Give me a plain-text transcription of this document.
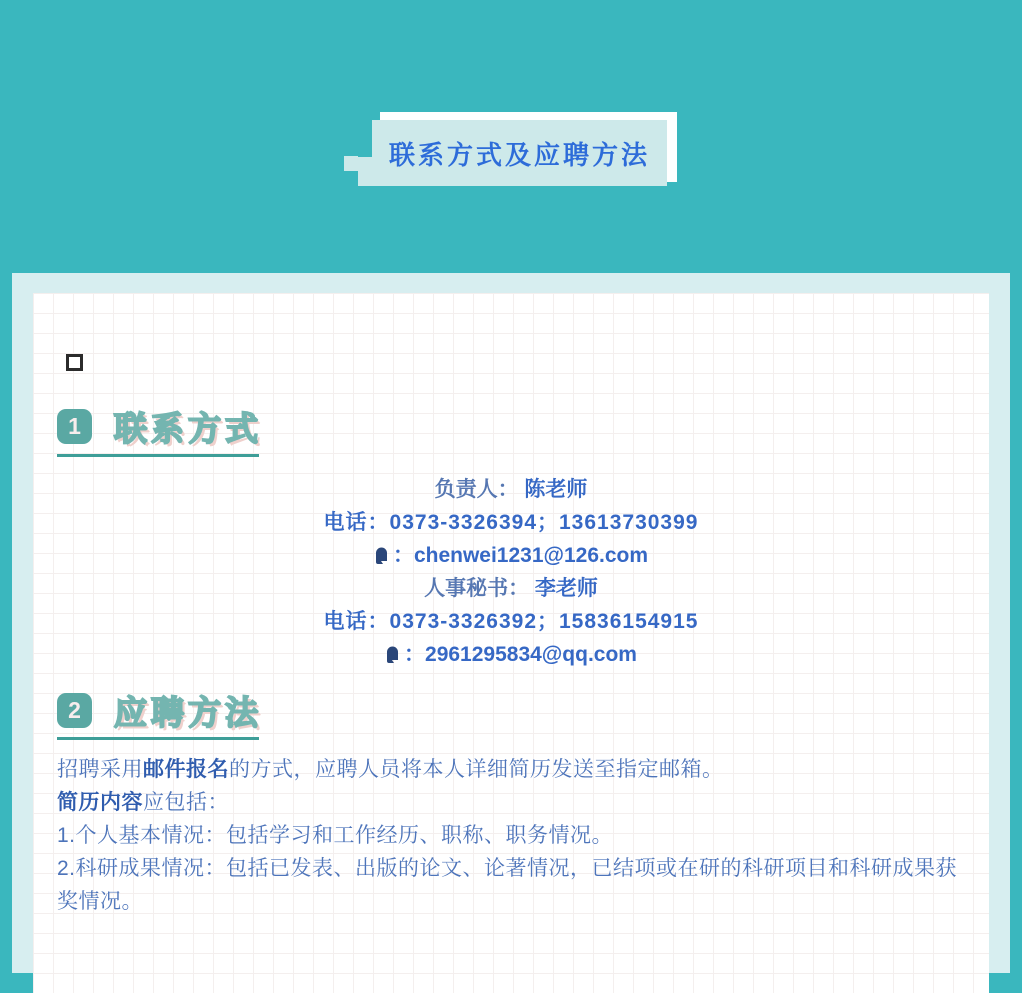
联系方式及应聘方法
1	联系方式
负责人： 陈老师
电话：0373-3326394；13613730399
：chenwei1231@126.com
人事秘书： 李老师
电话：0373-3326392；15836154915
：2961295834@qq.com
2	应聘方法

招聘采用邮件报名的方式，应聘人员将本人详细简历发送至指定邮箱。

简历内容应包括：

1.个人基本情况：包括学习和工作经历、职称、职务情况。

2.科研成果情况：包括已发表、出版的论文、论著情况，已结项或在研的科研项目和科研成果获奖情况。
